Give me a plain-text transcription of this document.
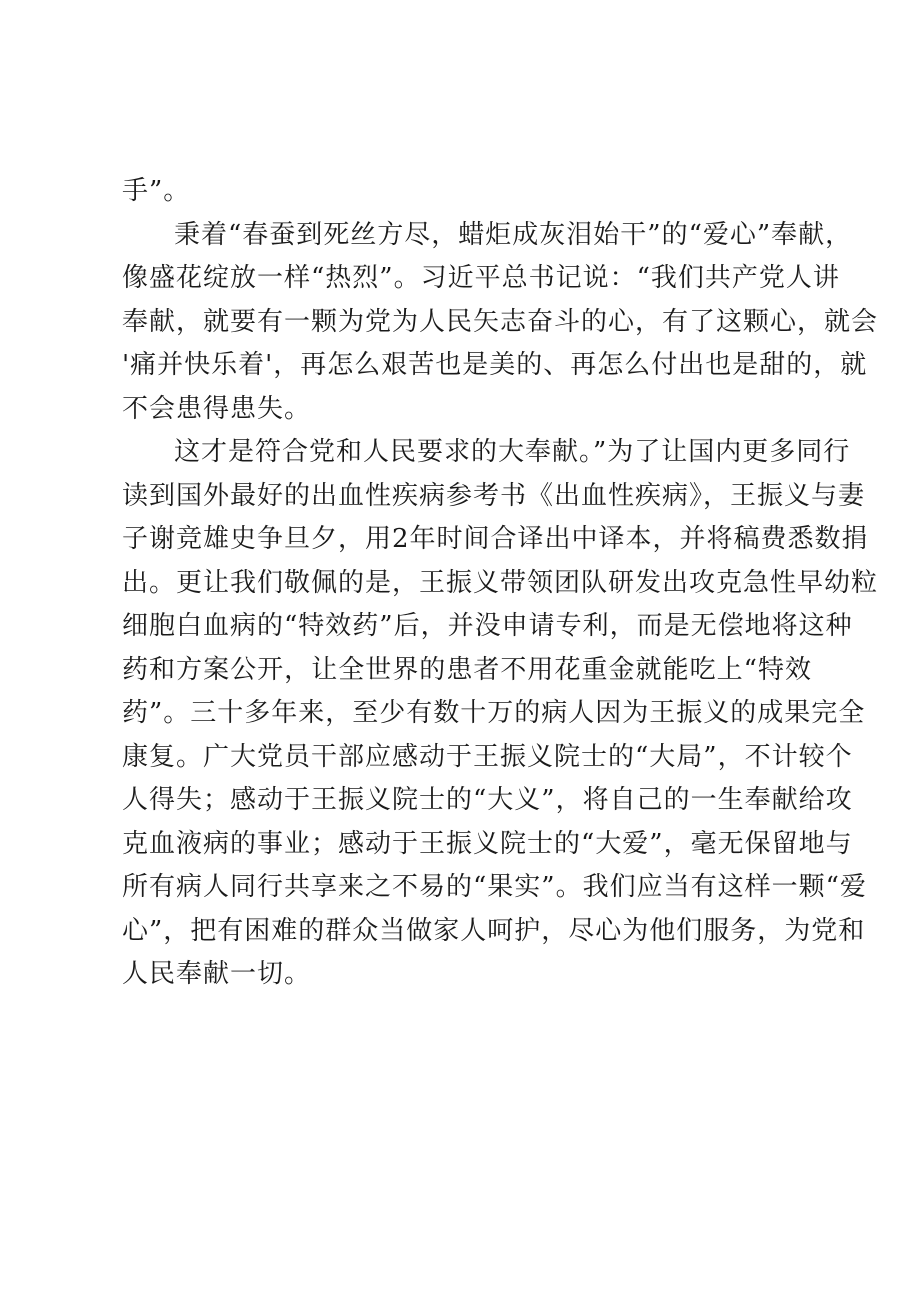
手”。
秉着“春蚕到死丝方尽，蜡炬成灰泪始干”的“爱心”奉献，
像盛花绽放一样“热烈”。习近平总书记说：“我们共产党人讲
奉献，就要有一颗为党为人民矢志奋斗的心，有了这颗心，就会
'痛并快乐着'，再怎么艰苦也是美的、再怎么付出也是甜的，就
不会患得患失。
这才是符合党和人民要求的大奉献。”为了让国内更多同行
读到国外最好的出血性疾病参考书《出血性疾病》，王振义与妻
子谢竞雄史争旦夕，用2年时间合译出中译本，并将稿费悉数捐
出。更让我们敬佩的是，王振义带领团队研发出攻克急性早幼粒
细胞白血病的“特效药”后，并没申请专利，而是无偿地将这种
药和方案公开，让全世界的患者不用花重金就能吃上“特效
药”。三十多年来，至少有数十万的病人因为王振义的成果完全
康复。广大党员干部应感动于王振义院士的“大局”，不计较个
人得失；感动于王振义院士的“大义”，将自己的一生奉献给攻
克血液病的事业；感动于王振义院士的“大爱”，毫无保留地与
所有病人同行共享来之不易的“果实”。我们应当有这样一颗“爱
心”，把有困难的群众当做家人呵护，尽心为他们服务，为党和
人民奉献一切。
